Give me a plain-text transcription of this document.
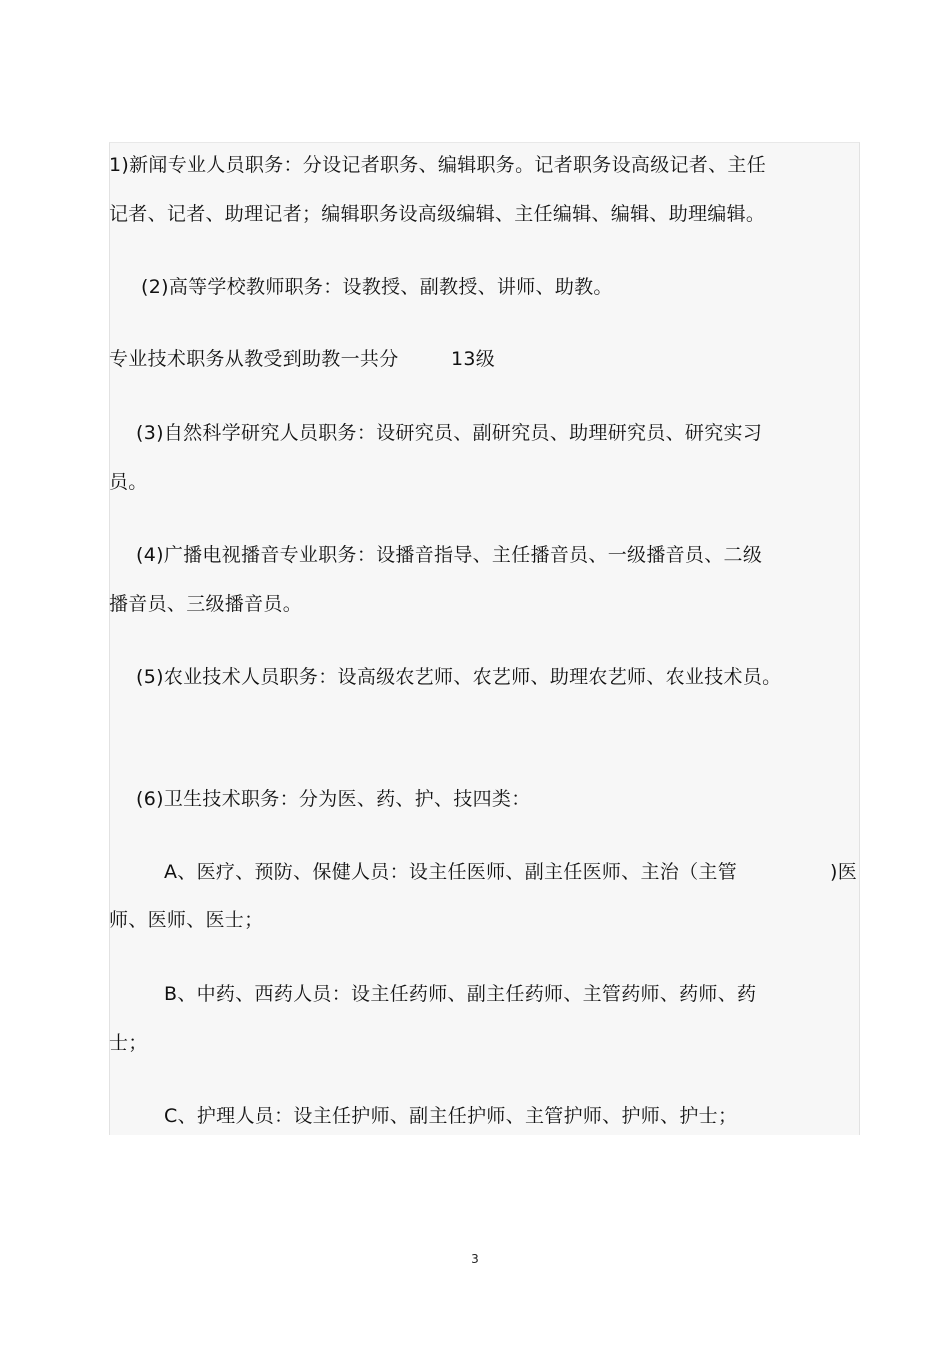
1)新闻专业人员职务：分设记者职务、编辑职务。记者职务设高级记者、主任
记者、记者、助理记者；编辑职务设高级编辑、主任编辑、编辑、助理编辑。
(2)高等学校教师职务：设教授、副教授、讲师、助教。
专业技术职务从教受到助教一共分	13级
(3)自然科学研究人员职务：设研究员、副研究员、助理研究员、研究实习
员。
(4)广播电视播音专业职务：设播音指导、主任播音员、一级播音员、二级
播音员、三级播音员。
(5)农业技术人员职务：设高级农艺师、农艺师、助理农艺师、农业技术员。
(6)卫生技术职务：分为医、药、护、技四类：
A、医疗、预防、保健人员：设主任医师、副主任医师、主治（主管	)医
师、医师、医士；
B、中药、西药人员：设主任药师、副主任药师、主管药师、药师、药
士；
C、护理人员：设主任护师、副主任护师、主管护师、护师、护士；
3
